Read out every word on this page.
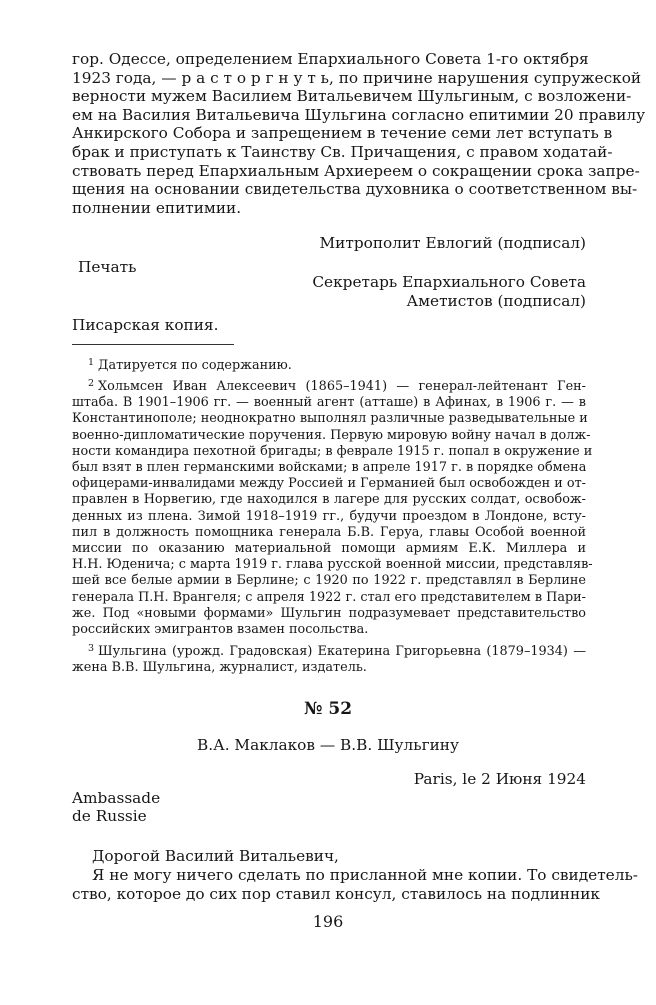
гор. Одессе, определением Епархиального Совета 1-го октября
1923 года, — р а с т о р г н у т ь, по причине нарушения супружеской
верности мужем Василием Витальевичем Шульгиным, с возложени-
ем на Василия Витальевича Шульгина согласно епитимии 20 правилу
Анкирского Собора и запрещением в течение семи лет вступать в
брак и приступать к Таинству Св. Причащения, с правом ходатай-
ствовать перед Епархиальным Архиереем о сокращении срока запре-
щения на основании свидетельства духовника о соответственном вы-
полнении епитимии.
Митрополит Евлогий (подписал)
Печать
Секретарь Епархиального Совета
Аметистов (подписал)
Писарская копия.
$^1$ Датируется по содержанию.
$^2$ Хольмсен Иван Алексеевич (1865–1941) — генерал-лейтенант Ген-
штаба. В 1901–1906 гг. — военный агент (атташе) в Афинах, в 1906 г. — в
Константинополе; неоднократно выполнял различные разведывательные и
военно-дипломатические поручения. Первую мировую войну начал в долж-
ности командира пехотной бригады; в феврале 1915 г. попал в окружение и
был взят в плен германскими войсками; в апреле 1917 г. в порядке обмена
офицерами-инвалидами между Россией и Германией был освобожден и от-
правлен в Норвегию, где находился в лагере для русских солдат, освобож-
денных из плена. Зимой 1918–1919 гг., будучи проездом в Лондоне, всту-
пил в должность помощника генерала Б.В. Геруа, главы Особой военной
миссии по оказанию материальной помощи армиям Е.К. Миллера и
Н.Н. Юденича; с марта 1919 г. глава русской военной миссии, представляв-
шей все белые армии в Берлине; с 1920 по 1922 г. представлял в Берлине
генерала П.Н. Врангеля; с апреля 1922 г. стал его представителем в Пари-
же. Под «новыми формами» Шульгин подразумевает представительство
российских эмигрантов взамен посольства.
$^3$ Шульгина (урожд. Градовская) Екатерина Григорьевна (1879–1934) —
жена В.В. Шульгина, журналист, издатель.
№ 52
В.А. Маклаков — В.В. Шульгину
Paris, le 2 Июня 1924
Ambassade
de Russie
Дорогой Василий Витальевич,
Я не могу ничего сделать по присланной мне копии. То свидетель-
ство, которое до сих пор ставил консул, ставилось на подлинник
196
